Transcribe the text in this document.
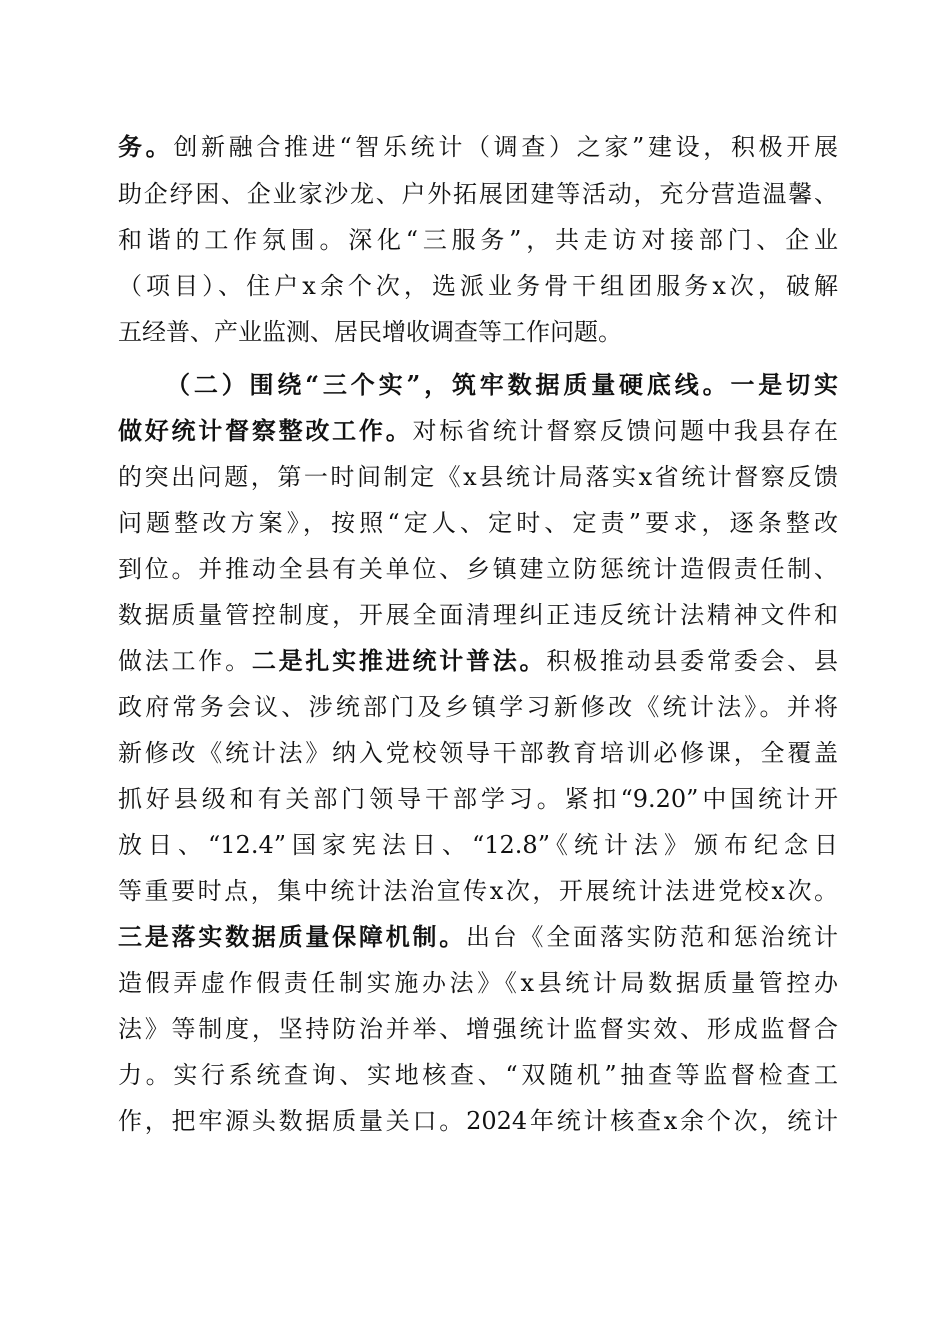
务。创新融合推进“智乐统计（调查）之家”建设，积极开展
助企纾困、企业家沙龙、户外拓展团建等活动，充分营造温馨、
和谐的工作氛围。深化“三服务”，共走访对接部门、企业
（项目）、住户x余个次，选派业务骨干组团服务x次，破解
五经普、产业监测、居民增收调查等工作问题。
（二）围绕“三个实”，筑牢数据质量硬底线。一是切实
做好统计督察整改工作。对标省统计督察反馈问题中我县存在
的突出问题，第一时间制定《x县统计局落实x省统计督察反馈
问题整改方案》，按照“定人、定时、定责”要求，逐条整改
到位。并推动全县有关单位、乡镇建立防惩统计造假责任制、
数据质量管控制度，开展全面清理纠正违反统计法精神文件和
做法工作。二是扎实推进统计普法。积极推动县委常委会、县
政府常务会议、涉统部门及乡镇学习新修改《统计法》。并将
新修改《统计法》纳入党校领导干部教育培训必修课，全覆盖
抓好县级和有关部门领导干部学习。紧扣“9.20”中国统计开
放日、“12.4”国家宪法日、“12.8”《统计法》颁布纪念日
等重要时点，集中统计法治宣传x次，开展统计法进党校x次。
三是落实数据质量保障机制。出台《全面落实防范和惩治统计
造假弄虚作假责任制实施办法》《x县统计局数据质量管控办
法》等制度，坚持防治并举、增强统计监督实效、形成监督合
力。实行系统查询、实地核查、“双随机”抽查等监督检查工
作，把牢源头数据质量关口。2024年统计核查x余个次，统计
